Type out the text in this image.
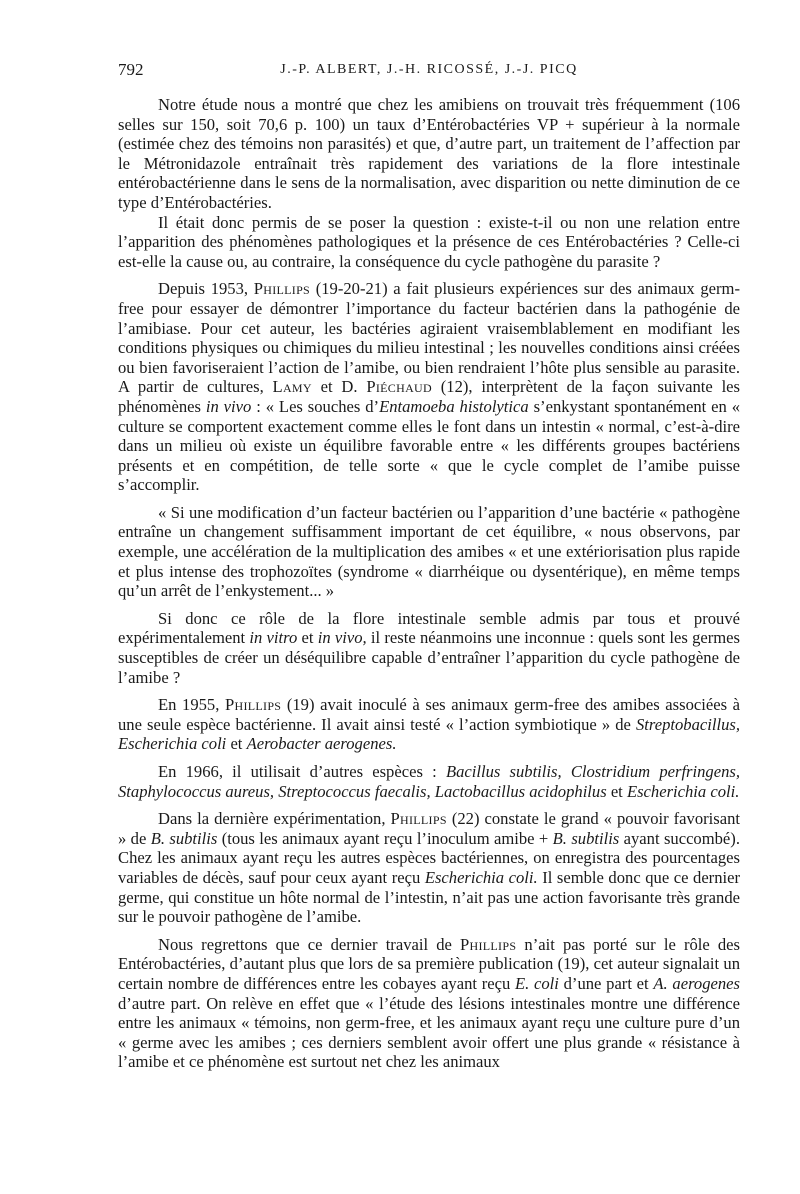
792	J.-P. ALBERT, J.-H. RICOSSÉ, J.-J. PICQ

Notre étude nous a montré que chez les amibiens on trouvait très fréquemment (106 selles sur 150, soit 70,6 p. 100) un taux d’Entérobactéries VP + supérieur à la normale (estimée chez des témoins non parasités) et que, d’autre part, un traitement de l’affection par le Métronidazole entraînait très rapidement des variations de la flore intestinale entérobactérienne dans le sens de la normalisation, avec disparition ou nette diminution de ce type d’Entérobactéries.

Il était donc permis de se poser la question : existe-t-il ou non une relation entre l’apparition des phénomènes pathologiques et la présence de ces Entérobactéries ? Celle-ci est-elle la cause ou, au contraire, la conséquence du cycle pathogène du parasite ?

Depuis 1953, Phillips (19-20-21) a fait plusieurs expériences sur des animaux germ-free pour essayer de démontrer l’importance du facteur bactérien dans la pathogénie de l’amibiase. Pour cet auteur, les bactéries agiraient vraisemblablement en modifiant les conditions physiques ou chimiques du milieu intestinal ; les nouvelles conditions ainsi créées ou bien favoriseraient l’action de l’amibe, ou bien rendraient l’hôte plus sensible au parasite. A partir de cultures, Lamy et D. Piéchaud (12), interprètent de la façon suivante les phénomènes in vivo : « Les souches d’Entamoeba histolytica s’enkystant spontanément en « culture se comportent exactement comme elles le font dans un intestin « normal, c’est-à-dire dans un milieu où existe un équilibre favorable entre « les différents groupes bactériens présents et en compétition, de telle sorte « que le cycle complet de l’amibe puisse s’accomplir.

« Si une modification d’un facteur bactérien ou l’apparition d’une bactérie « pathogène entraîne un changement suffisamment important de cet équilibre, « nous observons, par exemple, une accélération de la multiplication des amibes « et une extériorisation plus rapide et plus intense des trophozoïtes (syndrome « diarrhéique ou dysentérique), en même temps qu’un arrêt de l’enkystement... »

Si donc ce rôle de la flore intestinale semble admis par tous et prouvé expérimentalement in vitro et in vivo, il reste néanmoins une inconnue : quels sont les germes susceptibles de créer un déséquilibre capable d’entraîner l’apparition du cycle pathogène de l’amibe ?

En 1955, Phillips (19) avait inoculé à ses animaux germ-free des amibes associées à une seule espèce bactérienne. Il avait ainsi testé « l’action symbiotique » de Streptobacillus, Escherichia coli et Aerobacter aerogenes.

En 1966, il utilisait d’autres espèces : Bacillus subtilis, Clostridium perfringens, Staphylococcus aureus, Streptococcus faecalis, Lactobacillus acidophilus et Escherichia coli.

Dans la dernière expérimentation, Phillips (22) constate le grand « pouvoir favorisant » de B. subtilis (tous les animaux ayant reçu l’inoculum amibe + B. subtilis ayant succombé). Chez les animaux ayant reçu les autres espèces bactériennes, on enregistra des pourcentages variables de décès, sauf pour ceux ayant reçu Escherichia coli. Il semble donc que ce dernier germe, qui constitue un hôte normal de l’intestin, n’ait pas une action favorisante très grande sur le pouvoir pathogène de l’amibe.

Nous regrettons que ce dernier travail de Phillips n’ait pas porté sur le rôle des Entérobactéries, d’autant plus que lors de sa première publication (19), cet auteur signalait un certain nombre de différences entre les cobayes ayant reçu E. coli d’une part et A. aerogenes d’autre part. On relève en effet que « l’étude des lésions intestinales montre une différence entre les animaux « témoins, non germ-free, et les animaux ayant reçu une culture pure d’un « germe avec les amibes ; ces derniers semblent avoir offert une plus grande « résistance à l’amibe et ce phénomène est surtout net chez les animaux
